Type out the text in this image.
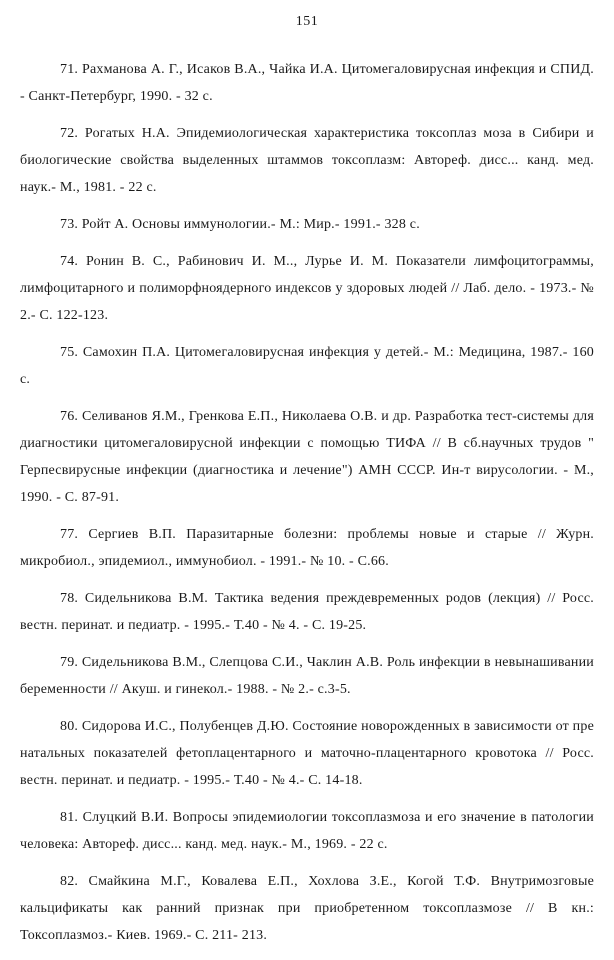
151

71. Рахманова А. Г., Исаков В.А., Чайка И.А. Цитомегаловирусная инфекция и СПИД. - Санкт-Петербург, 1990. - 32 с.

72. Рогатых Н.А. Эпидемиологическая характеристика токсоплаз моза в Сибири и биологические свойства выделенных штаммов токсоплазм: Автореф. дисс... канд. мед. наук.- М., 1981. - 22 с.

73. Ройт А. Основы иммунологии.- М.: Мир.- 1991.- 328 с.

74. Ронин В. С., Рабинович И. М.., Лурье И. М. Показатели лимфоцитограммы, лимфоцитарного и полиморфноядерного индексов у здоровых людей // Лаб. дело. - 1973.- № 2.- С. 122-123.

75. Самохин П.А. Цитомегаловирусная инфекция у детей.- М.: Медицина, 1987.- 160 с.

76. Селиванов Я.М., Гренкова Е.П., Николаева О.В. и др. Разработка тест-системы для диагностики цитомегаловирусной инфекции с помощью ТИФА // В сб.научных трудов " Герпесвирусные инфекции (диагностика и лечение") АМН СССР. Ин-т вирусологии. - М., 1990. - С. 87-91.

77. Сергиев В.П. Паразитарные болезни: проблемы новые и старые // Журн. микробиол., эпидемиол., иммунобиол. - 1991.- № 10. - С.66.

78. Сидельникова В.М. Тактика ведения преждевременных родов (лекция) // Росс. вестн. перинат. и педиатр. - 1995.- Т.40 - № 4. - С. 19-25.

79. Сидельникова В.М., Слепцова С.И., Чаклин А.В. Роль инфекции в невынашивании беременности // Акуш. и гинекол.- 1988. - № 2.- с.3-5.

80. Сидорова И.С., Полубенцев Д.Ю. Состояние новорожденных в зависимости от пре натальных показателей фетоплацентарного и маточно-плацентарного кровотока // Росс. вестн. перинат. и педиатр. - 1995.- Т.40 - № 4.- С. 14-18.

81. Слуцкий В.И. Вопросы эпидемиологии токсоплазмоза и его значение в патологии человека: Автореф. дисс... канд. мед. наук.- М., 1969. - 22 с.

82. Смайкина М.Г., Ковалева Е.П., Хохлова З.Е., Когой Т.Ф. Внутримозговые кальцификаты как ранний признак при приобретенном токсоплазмозе // В кн.: Токсоплазмоз.- Киев. 1969.- С. 211- 213.
